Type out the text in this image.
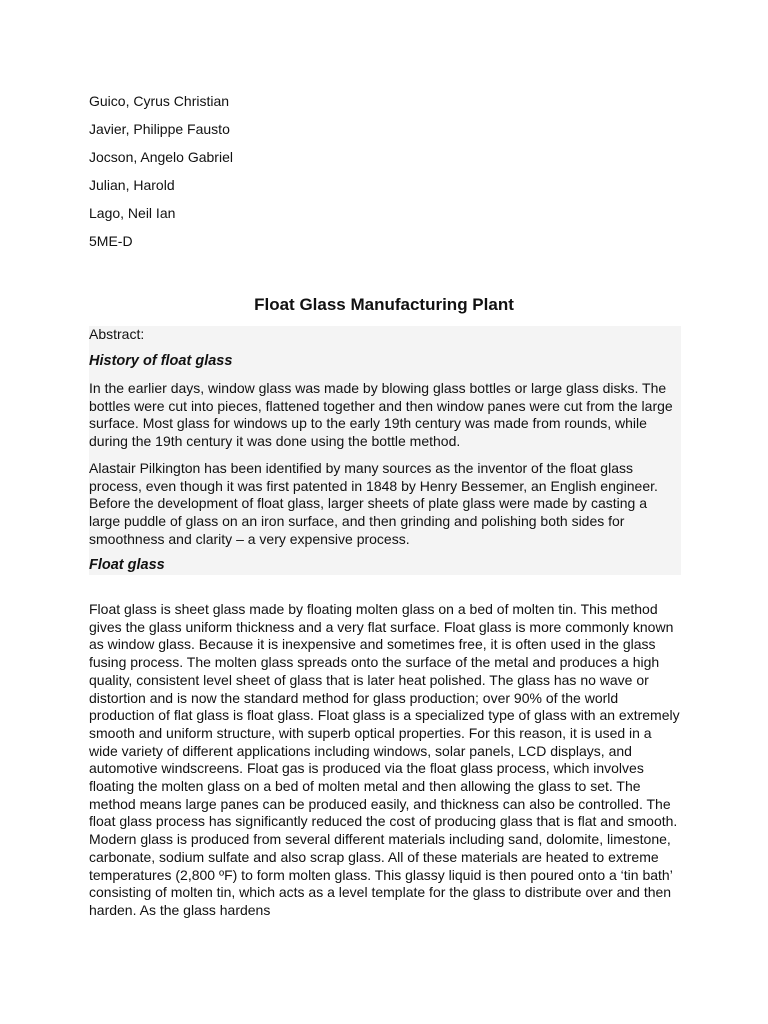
Guico, Cyrus Christian
Javier, Philippe Fausto
Jocson, Angelo Gabriel
Julian, Harold
Lago, Neil Ian
5ME-D
Float Glass Manufacturing Plant
Abstract:
History of float glass

In the earlier days, window glass was made by blowing glass bottles or large glass disks. The bottles were cut into pieces, flattened together and then window panes were cut from the large surface. Most glass for windows up to the early 19th century was made from rounds, while during the 19th century it was done using the bottle method.

Alastair Pilkington has been identified by many sources as the inventor of the float glass process, even though it was first patented in 1848 by Henry Bessemer, an English engineer. Before the development of float glass, larger sheets of plate glass were made by casting a large puddle of glass on an iron surface, and then grinding and polishing both sides for smoothness and clarity – a very expensive process.

Float glass

Float glass is sheet glass made by floating molten glass on a bed of molten tin. This method gives the glass uniform thickness and a very flat surface. Float glass is more commonly known as window glass. Because it is inexpensive and sometimes free, it is often used in the glass fusing process. The molten glass spreads onto the surface of the metal and produces a high quality, consistent level sheet of glass that is later heat polished. The glass has no wave or distortion and is now the standard method for glass production; over 90% of the world production of flat glass is float glass. Float glass is a specialized type of glass with an extremely smooth and uniform structure, with superb optical properties. For this reason, it is used in a wide variety of different applications including windows, solar panels, LCD displays, and automotive windscreens. Float gas is produced via the float glass process, which involves floating the molten glass on a bed of molten metal and then allowing the glass to set. The method means large panes can be produced easily, and thickness can also be controlled. The float glass process has significantly reduced the cost of producing glass that is flat and smooth. Modern glass is produced from several different materials including sand, dolomite, limestone, carbonate, sodium sulfate and also scrap glass. All of these materials are heated to extreme temperatures (2,800 ºF) to form molten glass. This glassy liquid is then poured onto a ‘tin bath’ consisting of molten tin, which acts as a level template for the glass to distribute over and then harden. As the glass hardens
